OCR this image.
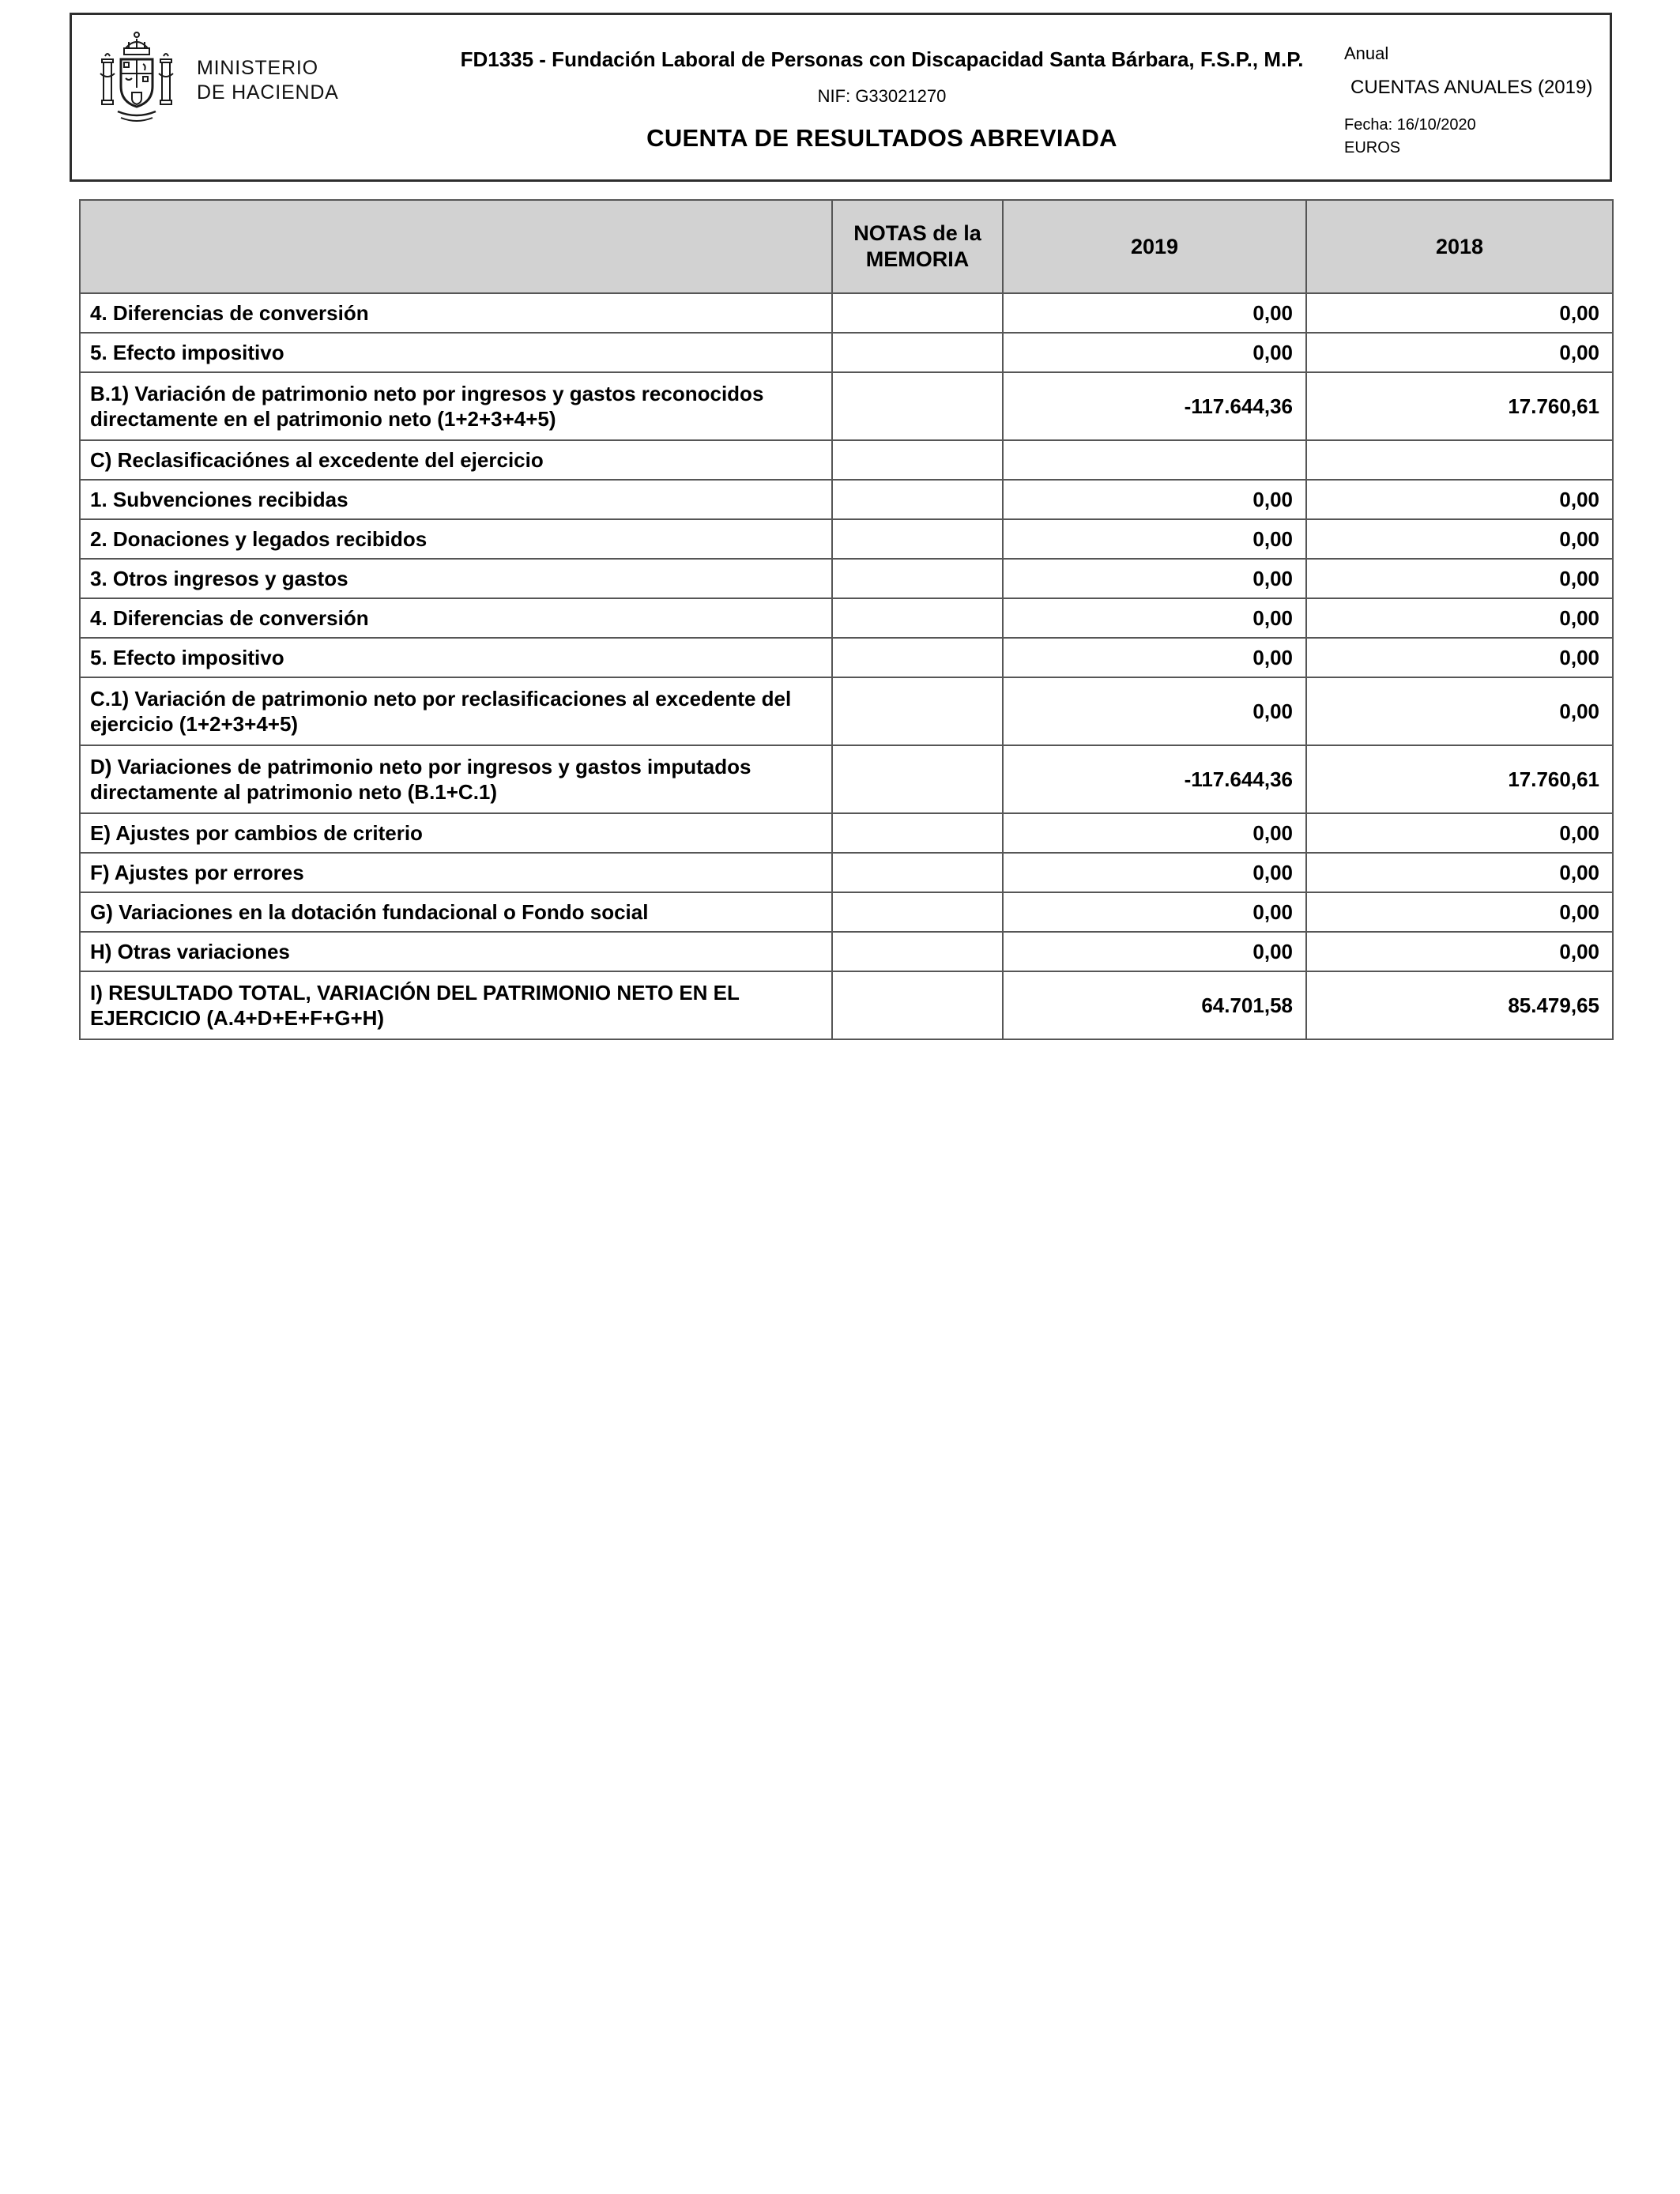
MINISTERIO
DE HACIENDA
FD1335 - Fundación Laboral de Personas con Discapacidad Santa Bárbara, F.S.P., M.P.
NIF: G33021270
CUENTA DE RESULTADOS ABREVIADA
Anual
CUENTAS ANUALES (2019)
Fecha: 16/10/2020
EUROS
	NOTAS de la MEMORIA	2019	2018
4. Diferencias de conversión		0,00	0,00
5. Efecto impositivo		0,00	0,00
B.1) Variación de patrimonio neto por ingresos y gastos reconocidos directamente en el patrimonio neto (1+2+3+4+5)		-117.644,36	17.760,61
C) Reclasificaciónes al excedente del ejercicio			
1. Subvenciones recibidas		0,00	0,00
2. Donaciones y legados recibidos		0,00	0,00
3. Otros ingresos y gastos		0,00	0,00
4. Diferencias de conversión		0,00	0,00
5. Efecto impositivo		0,00	0,00
C.1) Variación de patrimonio neto por reclasificaciones al excedente del ejercicio (1+2+3+4+5)		0,00	0,00
D) Variaciones de patrimonio neto por ingresos y gastos imputados directamente al patrimonio neto (B.1+C.1)		-117.644,36	17.760,61
E) Ajustes por cambios de criterio		0,00	0,00
F) Ajustes por errores		0,00	0,00
G) Variaciones en la dotación fundacional o Fondo social		0,00	0,00
H) Otras variaciones		0,00	0,00
I) RESULTADO TOTAL, VARIACIÓN DEL PATRIMONIO NETO EN EL EJERCICIO (A.4+D+E+F+G+H)		64.701,58	85.479,65
